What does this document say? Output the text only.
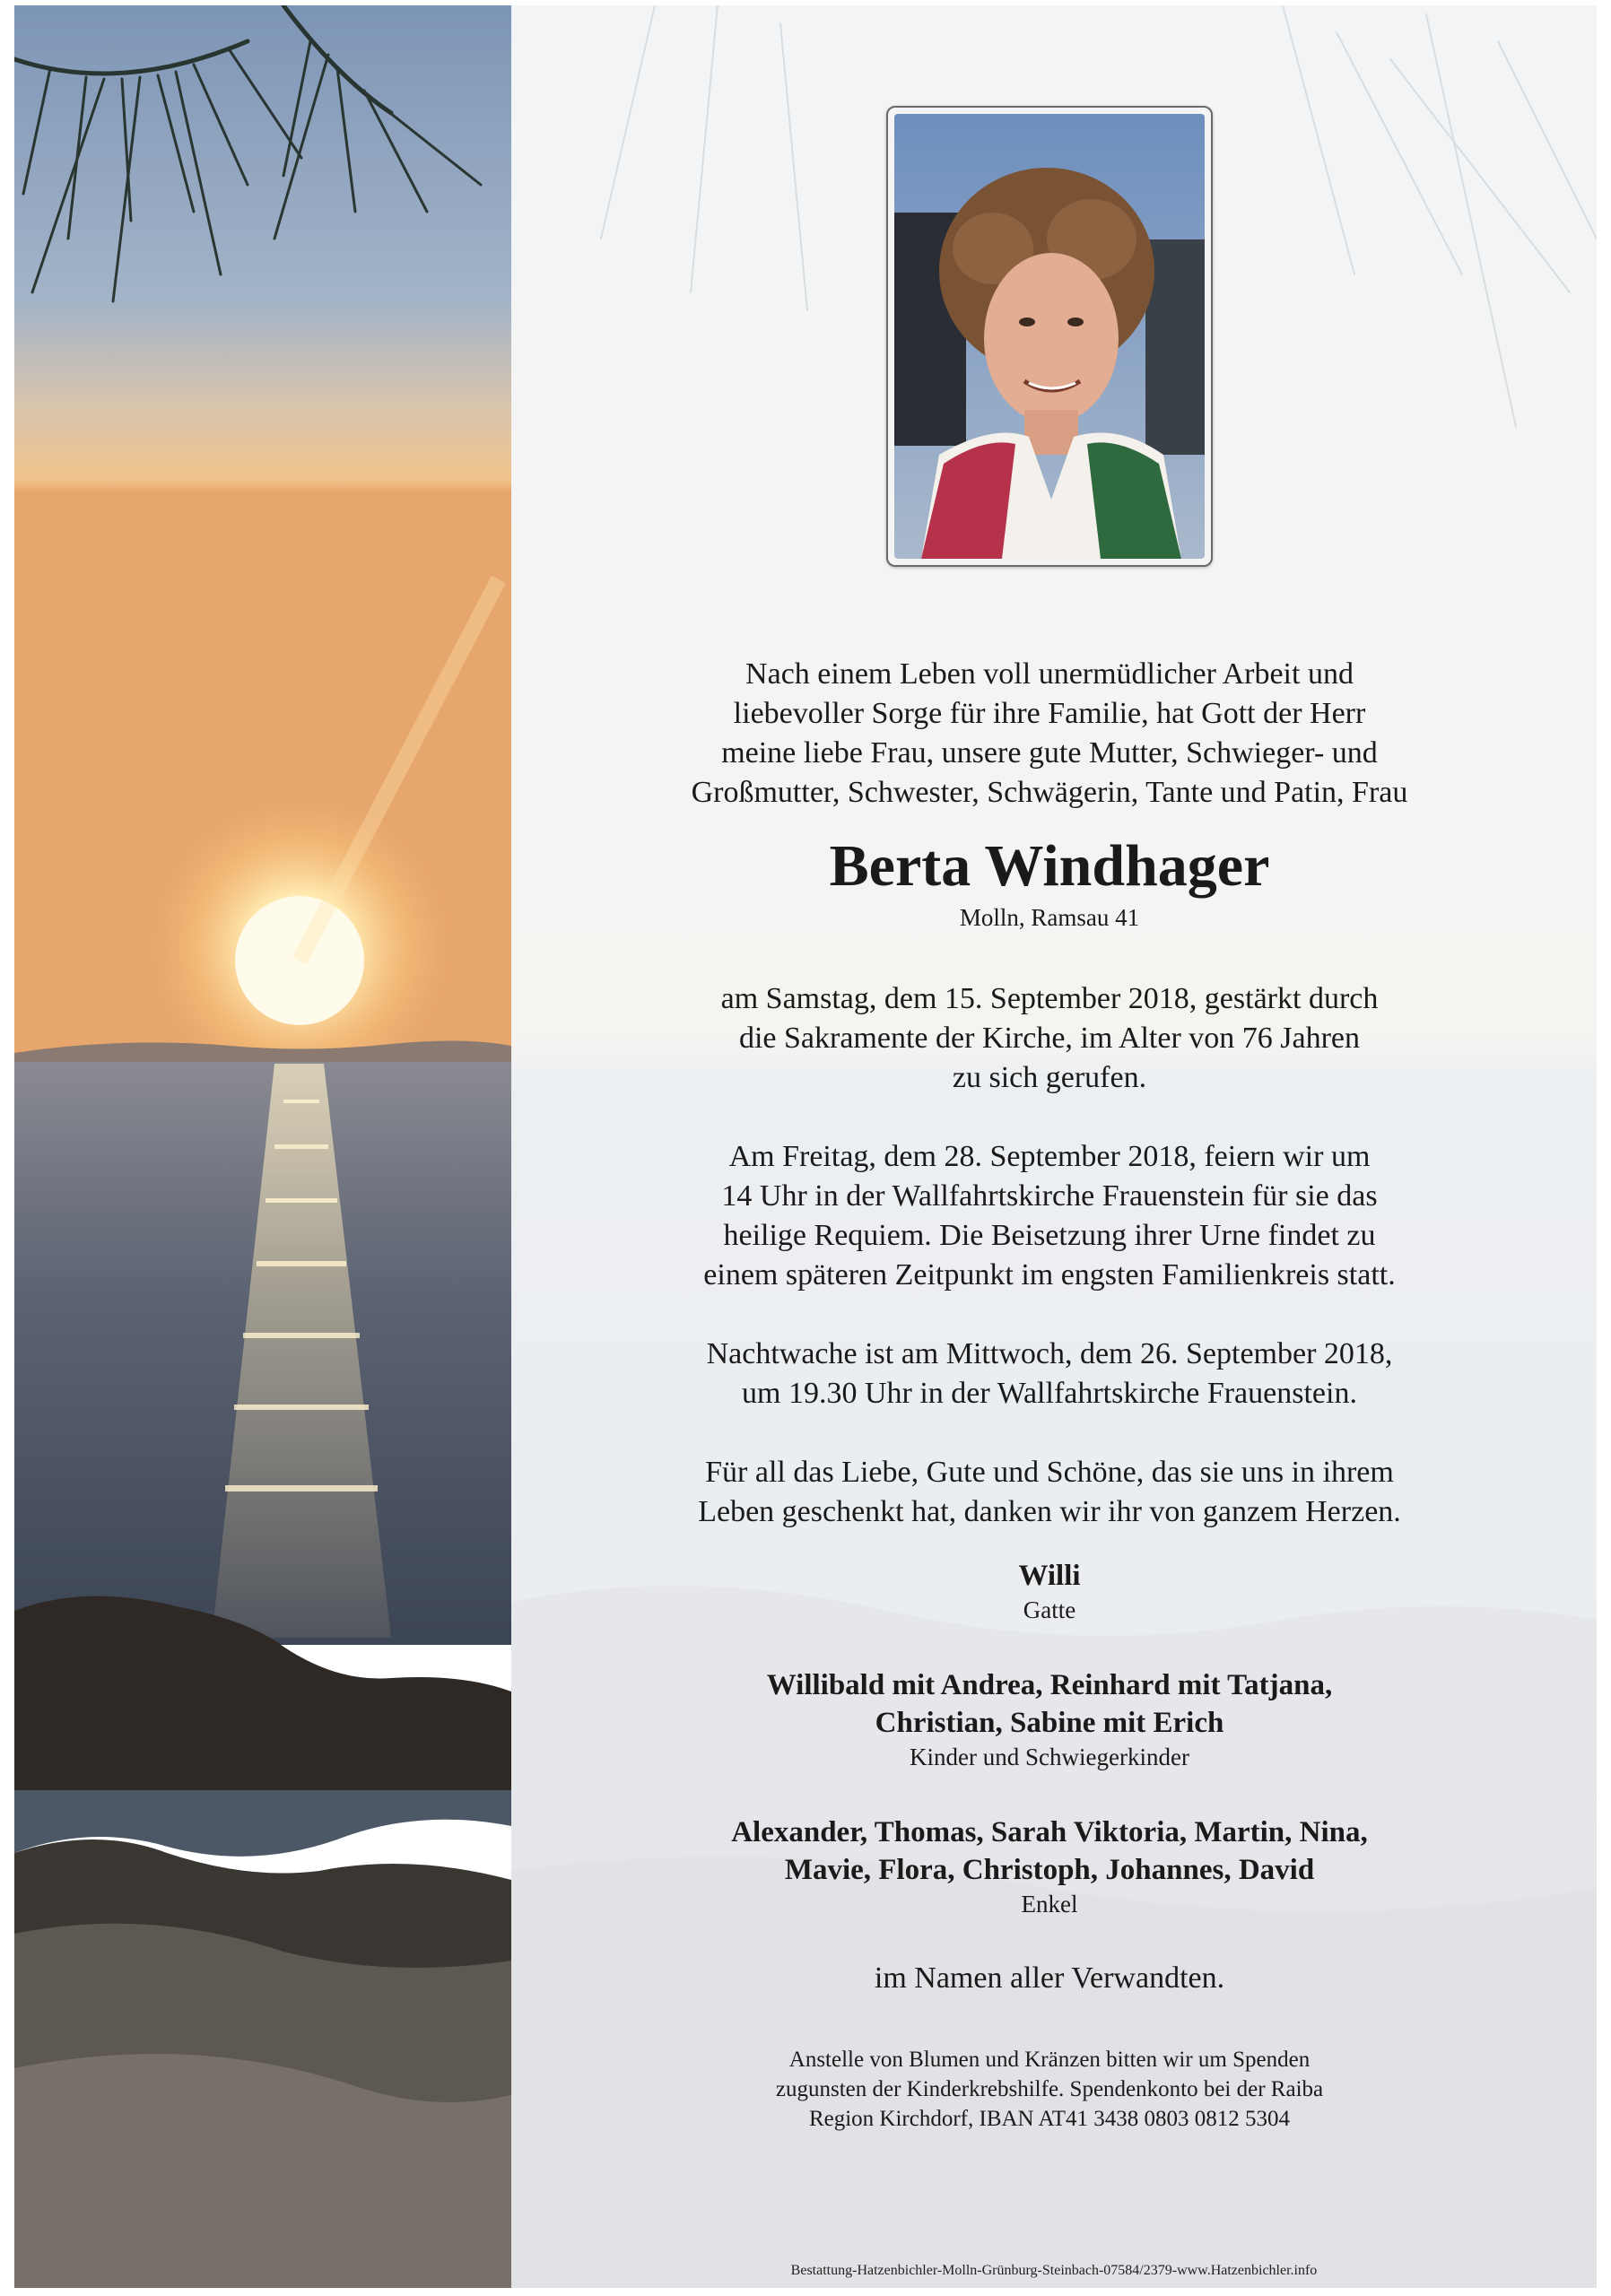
Nach einem Leben voll unermüdlicher Arbeit und
liebevoller Sorge für ihre Familie, hat Gott der Herr
meine liebe Frau, unsere gute Mutter, Schwieger- und
Großmutter, Schwester, Schwägerin, Tante und Patin, Frau

Berta Windhager

Molln, Ramsau 41

am Samstag, dem 15. September 2018, gestärkt durch
die Sakramente der Kirche, im Alter von 76 Jahren
zu sich gerufen.

Am Freitag, dem 28. September 2018, feiern wir um
14 Uhr in der Wallfahrtskirche Frauenstein für sie das
heilige Requiem. Die Beisetzung ihrer Urne findet zu
einem späteren Zeitpunkt im engsten Familienkreis statt.

Nachtwache ist am Mittwoch, dem 26. September 2018,
um 19.30 Uhr in der Wallfahrtskirche Frauenstein.

Für all das Liebe, Gute und Schöne, das sie uns in ihrem
Leben geschenkt hat, danken wir ihr von ganzem Herzen.

Willi

Gatte

Willibald mit Andrea, Reinhard mit Tatjana,
Christian, Sabine mit Erich

Kinder und Schwiegerkinder

Alexander, Thomas, Sarah Viktoria, Martin, Nina,
Mavie, Flora, Christoph, Johannes, David

Enkel

im Namen aller Verwandten.

Anstelle von Blumen und Kränzen bitten wir um Spenden
zugunsten der Kinderkrebshilfe. Spendenkonto bei der Raiba
Region Kirchdorf, IBAN AT41 3438 0803 0812 5304

Bestattung-Hatzenbichler-Molln-Grünburg-Steinbach-07584/2379-www.Hatzenbichler.info
